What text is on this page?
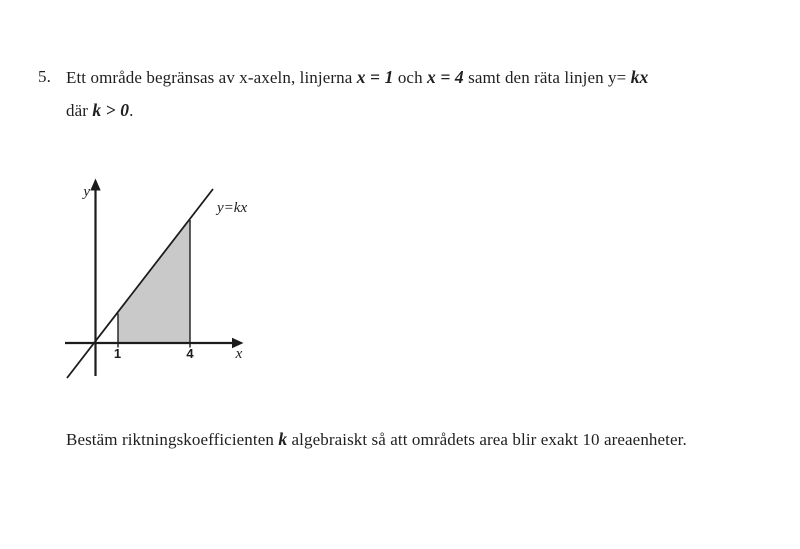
5. Ett område begränsas av x-axeln, linjerna x = 1 och x = 4 samt den räta linjen y= kx
där k > 0.
y
x
y=kx
1	4
Bestäm riktningskoefficienten k algebraiskt så att områdets area blir exakt 10 areaenheter.
